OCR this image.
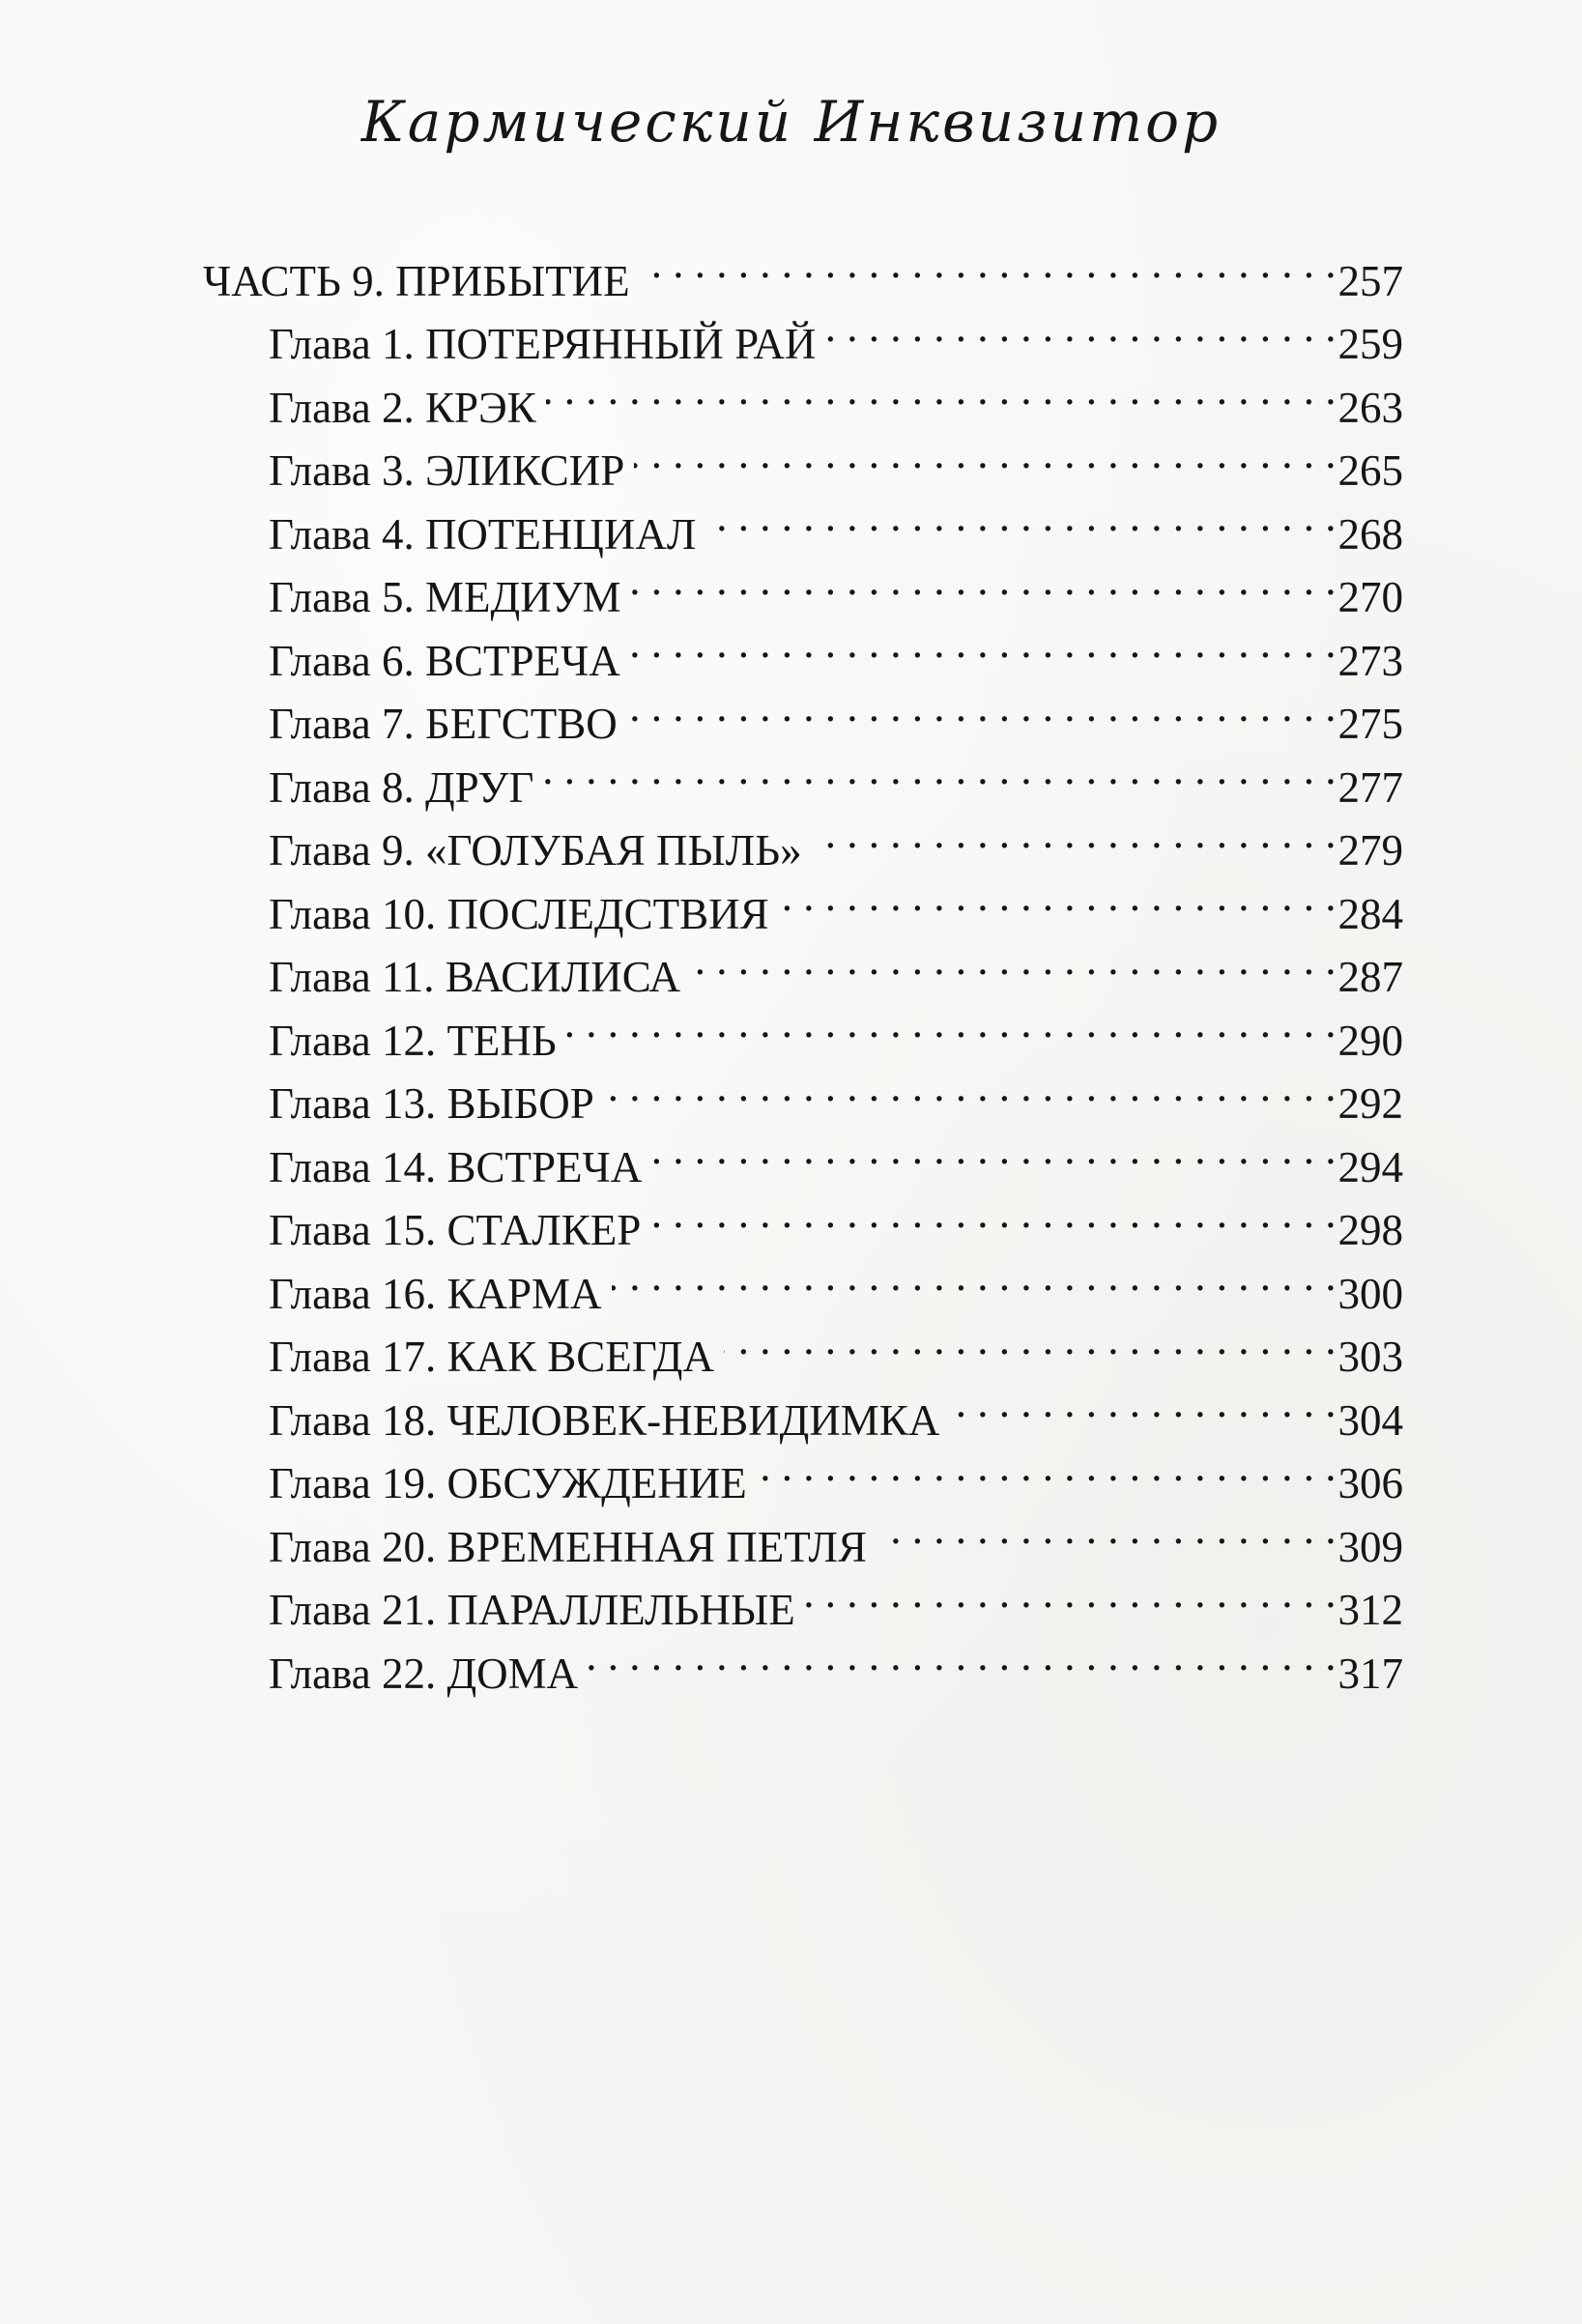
Кармический Инквизитор
ЧАСТЬ 9. ПРИБЫТИЕ . . .	257
Глава 1. ПОТЕРЯННЫЙ РАЙ . . .	259
Глава 2. КРЭК . . .	263
Глава 3. ЭЛИКСИР . . .	265
Глава 4. ПОТЕНЦИАЛ . . .	268
Глава 5. МЕДИУМ . . .	270
Глава 6. ВСТРЕЧА . . .	273
Глава 7. БЕГСТВО . . .	275
Глава 8. ДРУГ . . .	277
Глава 9. «ГОЛУБАЯ ПЫЛЬ» . . .	279
Глава 10. ПОСЛЕДСТВИЯ . . .	284
Глава 11. ВАСИЛИСА . . .	287
Глава 12. ТЕНЬ . . .	290
Глава 13. ВЫБОР . . .	292
Глава 14. ВСТРЕЧА . . .	294
Глава 15. СТАЛКЕР . . .	298
Глава 16. КАРМА . . .	300
Глава 17. КАК ВСЕГДА . . .	303
Глава 18. ЧЕЛОВЕК-НЕВИДИМКА . . .	304
Глава 19. ОБСУЖДЕНИЕ . . .	306
Глава 20. ВРЕМЕННАЯ ПЕТЛЯ . . .	309
Глава 21. ПАРАЛЛЕЛЬНЫЕ . . .	312
Глава 22. ДОМА . . .	317
